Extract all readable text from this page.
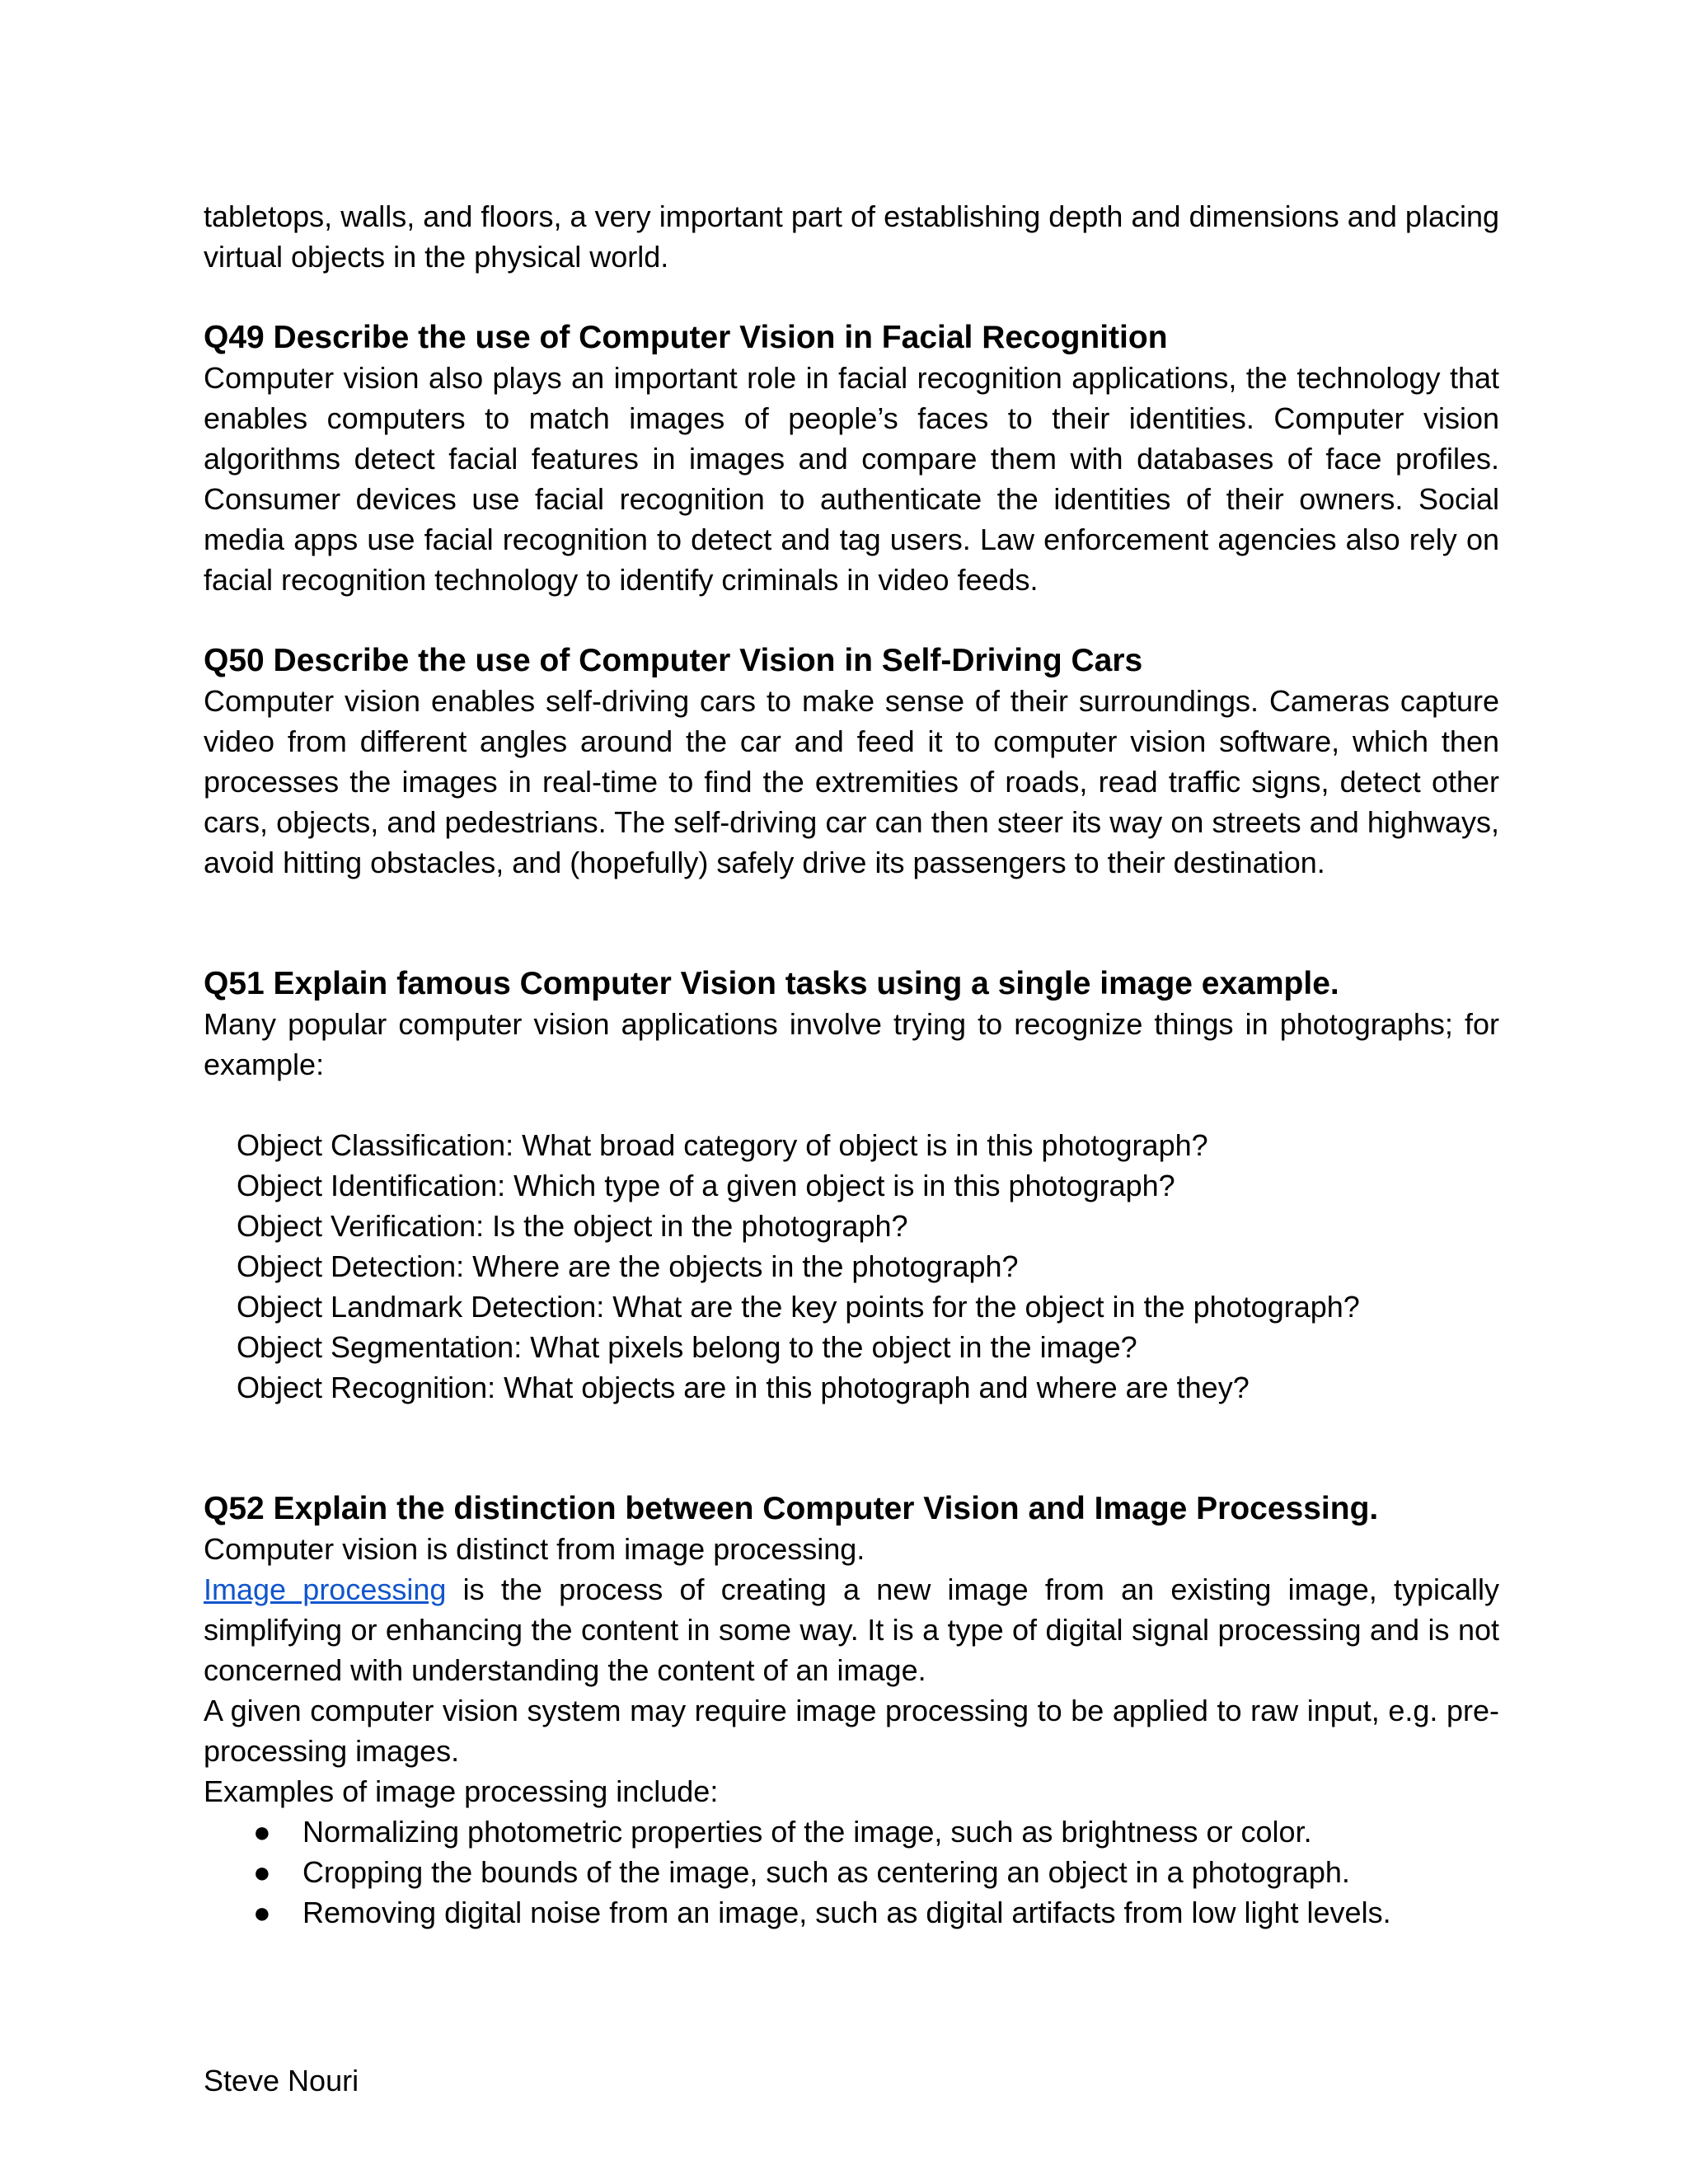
tabletops, walls, and floors, a very important part of establishing depth and dimensions and placing virtual objects in the physical world.

Q49 Describe the use of Computer Vision in Facial Recognition

Computer vision also plays an important role in facial recognition applications, the technology that enables computers to match images of people’s faces to their identities. Computer vision algorithms detect facial features in images and compare them with databases of face profiles. Consumer devices use facial recognition to authenticate the identities of their owners. Social media apps use facial recognition to detect and tag users. Law enforcement agencies also rely on facial recognition technology to identify criminals in video feeds.

Q50 Describe the use of Computer Vision in Self-Driving Cars

Computer vision enables self-driving cars to make sense of their surroundings. Cameras capture video from different angles around the car and feed it to computer vision software, which then processes the images in real-time to find the extremities of roads, read traffic signs, detect other cars, objects, and pedestrians. The self-driving car can then steer its way on streets and highways, avoid hitting obstacles, and (hopefully) safely drive its passengers to their destination.

Q51 Explain famous Computer Vision tasks using a single image example.

Many popular computer vision applications involve trying to recognize things in photographs; for example:

Object Classification: What broad category of object is in this photograph?
Object Identification: Which type of a given object is in this photograph?
Object Verification: Is the object in the photograph?
Object Detection: Where are the objects in the photograph?
Object Landmark Detection: What are the key points for the object in the photograph?
Object Segmentation: What pixels belong to the object in the image?
Object Recognition: What objects are in this photograph and where are they?
Q52 Explain the distinction between Computer Vision and Image Processing.

Computer vision is distinct from image processing.

Image processing is the process of creating a new image from an existing image, typically simplifying or enhancing the content in some way. It is a type of digital signal processing and is not concerned with understanding the content of an image.

A given computer vision system may require image processing to be applied to raw input, e.g. pre-processing images.

Examples of image processing include:

● Normalizing photometric properties of the image, such as brightness or color.
● Cropping the bounds of the image, such as centering an object in a photograph.
● Removing digital noise from an image, such as digital artifacts from low light levels.
Steve Nouri
